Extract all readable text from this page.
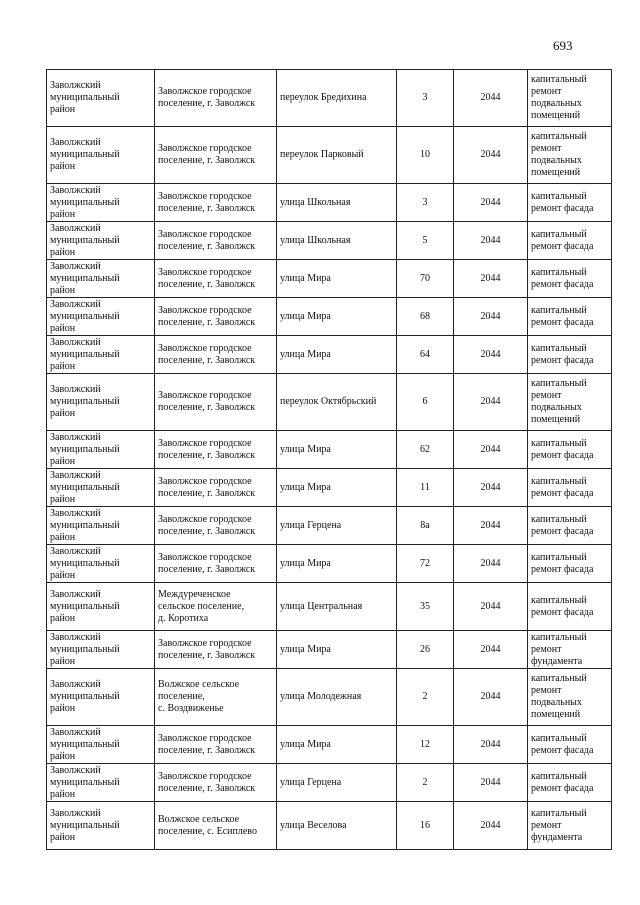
693
Заволжский
муниципальный
район	Заволжское городское
поселение, г. Заволжск	переулок Бредихина	3	2044	капитальный
ремонт
подвальных
помещений
Заволжский
муниципальный
район	Заволжское городское
поселение, г. Заволжск	переулок Парковый	10	2044	капитальный
ремонт
подвальных
помещений
Заволжский
муниципальный
район	Заволжское городское
поселение, г. Заволжск	улица Школьная	3	2044	капитальный
ремонт фасада
Заволжский
муниципальный
район	Заволжское городское
поселение, г. Заволжск	улица Школьная	5	2044	капитальный
ремонт фасада
Заволжский
муниципальный
район	Заволжское городское
поселение, г. Заволжск	улица Мира	70	2044	капитальный
ремонт фасада
Заволжский
муниципальный
район	Заволжское городское
поселение, г. Заволжск	улица Мира	68	2044	капитальный
ремонт фасада
Заволжский
муниципальный
район	Заволжское городское
поселение, г. Заволжск	улица Мира	64	2044	капитальный
ремонт фасада
Заволжский
муниципальный
район	Заволжское городское
поселение, г. Заволжск	переулок Октябрьский	6	2044	капитальный
ремонт
подвальных
помещений
Заволжский
муниципальный
район	Заволжское городское
поселение, г. Заволжск	улица Мира	62	2044	капитальный
ремонт фасада
Заволжский
муниципальный
район	Заволжское городское
поселение, г. Заволжск	улица Мира	11	2044	капитальный
ремонт фасада
Заволжский
муниципальный
район	Заволжское городское
поселение, г. Заволжск	улица Герцена	8а	2044	капитальный
ремонт фасада
Заволжский
муниципальный
район	Заволжское городское
поселение, г. Заволжск	улица Мира	72	2044	капитальный
ремонт фасада
Заволжский
муниципальный
район	Междуреченское
сельское поселение,
д. Коротиха	улица Центральная	35	2044	капитальный
ремонт фасада
Заволжский
муниципальный
район	Заволжское городское
поселение, г. Заволжск	улица Мира	26	2044	капитальный
ремонт
фундамента
Заволжский
муниципальный
район	Волжское сельское
поселение,
с. Воздвиженье	улица Молодежная	2	2044	капитальный
ремонт
подвальных
помещений
Заволжский
муниципальный
район	Заволжское городское
поселение, г. Заволжск	улица Мира	12	2044	капитальный
ремонт фасада
Заволжский
муниципальный
район	Заволжское городское
поселение, г. Заволжск	улица Герцена	2	2044	капитальный
ремонт фасада
Заволжский
муниципальный
район	Волжское сельское
поселение, с. Есиплево	улица Веселова	16	2044	капитальный
ремонт
фундамента
